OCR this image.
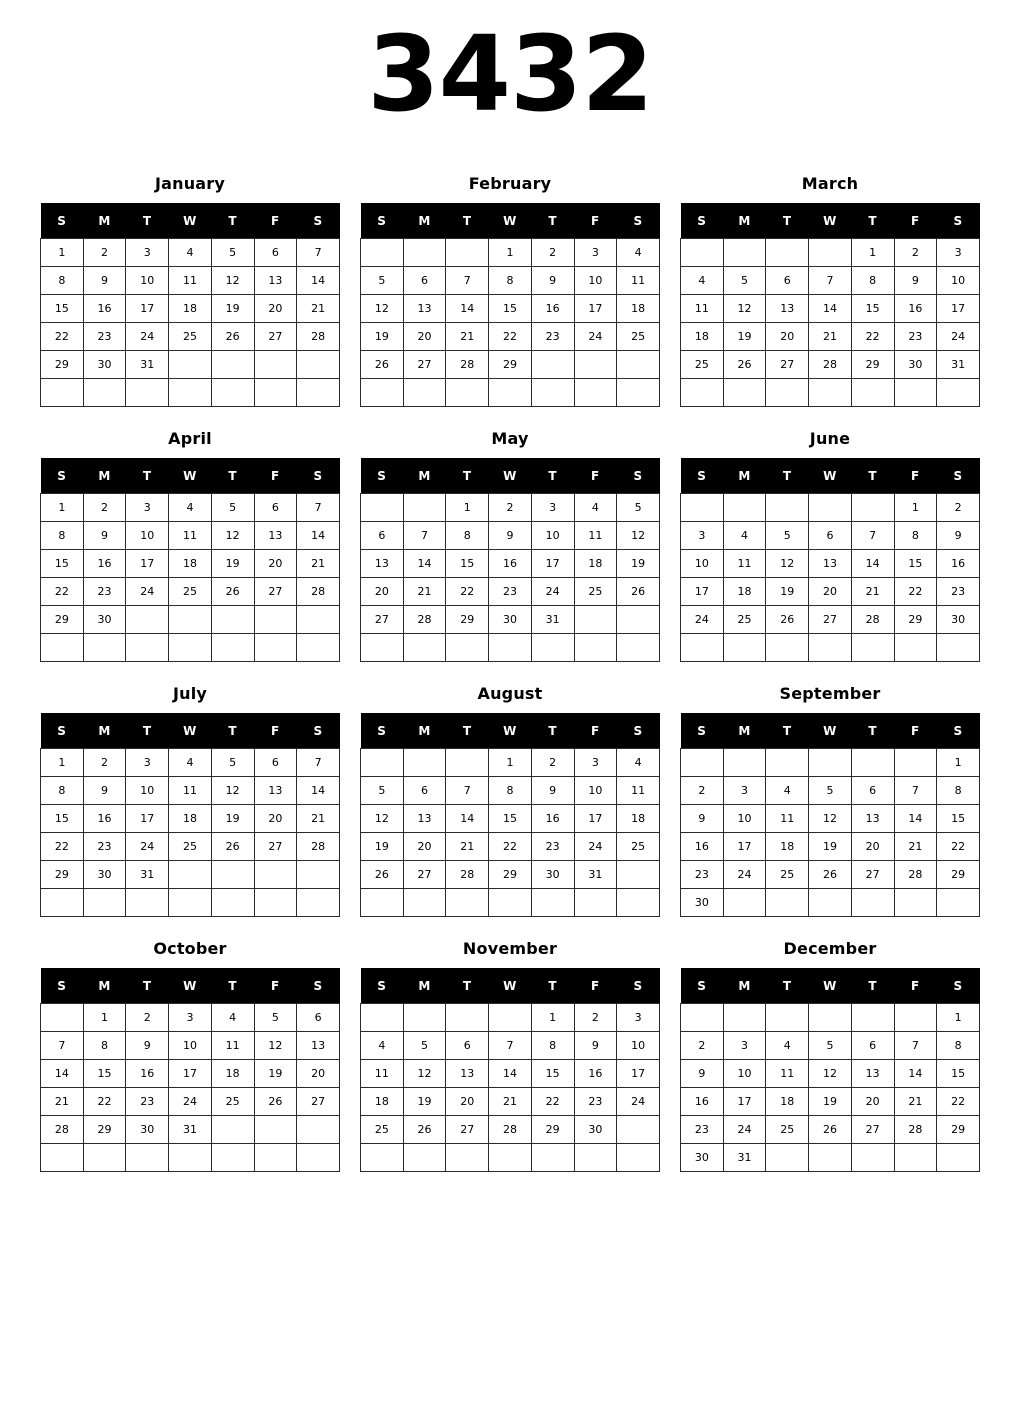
3432
January
S	M	T	W	T	F	S
1	2	3	4	5	6	7
8	9	10	11	12	13	14
15	16	17	18	19	20	21
22	23	24	25	26	27	28
29	30	31				

February
S	M	T	W	T	F	S
			1	2	3	4
5	6	7	8	9	10	11
12	13	14	15	16	17	18
19	20	21	22	23	24	25
26	27	28	29			

March
S	M	T	W	T	F	S
				1	2	3
4	5	6	7	8	9	10
11	12	13	14	15	16	17
18	19	20	21	22	23	24
25	26	27	28	29	30	31

April
S	M	T	W	T	F	S
1	2	3	4	5	6	7
8	9	10	11	12	13	14
15	16	17	18	19	20	21
22	23	24	25	26	27	28
29	30					

May
S	M	T	W	T	F	S
		1	2	3	4	5
6	7	8	9	10	11	12
13	14	15	16	17	18	19
20	21	22	23	24	25	26
27	28	29	30	31		

June
S	M	T	W	T	F	S
					1	2
3	4	5	6	7	8	9
10	11	12	13	14	15	16
17	18	19	20	21	22	23
24	25	26	27	28	29	30

July
S	M	T	W	T	F	S
1	2	3	4	5	6	7
8	9	10	11	12	13	14
15	16	17	18	19	20	21
22	23	24	25	26	27	28
29	30	31				

August
S	M	T	W	T	F	S
			1	2	3	4
5	6	7	8	9	10	11
12	13	14	15	16	17	18
19	20	21	22	23	24	25
26	27	28	29	30	31	

September
S	M	T	W	T	F	S
						1
2	3	4	5	6	7	8
9	10	11	12	13	14	15
16	17	18	19	20	21	22
23	24	25	26	27	28	29
30						
October
S	M	T	W	T	F	S
	1	2	3	4	5	6
7	8	9	10	11	12	13
14	15	16	17	18	19	20
21	22	23	24	25	26	27
28	29	30	31			

November
S	M	T	W	T	F	S
				1	2	3
4	5	6	7	8	9	10
11	12	13	14	15	16	17
18	19	20	21	22	23	24
25	26	27	28	29	30	

December
S	M	T	W	T	F	S
						1
2	3	4	5	6	7	8
9	10	11	12	13	14	15
16	17	18	19	20	21	22
23	24	25	26	27	28	29
30	31					
